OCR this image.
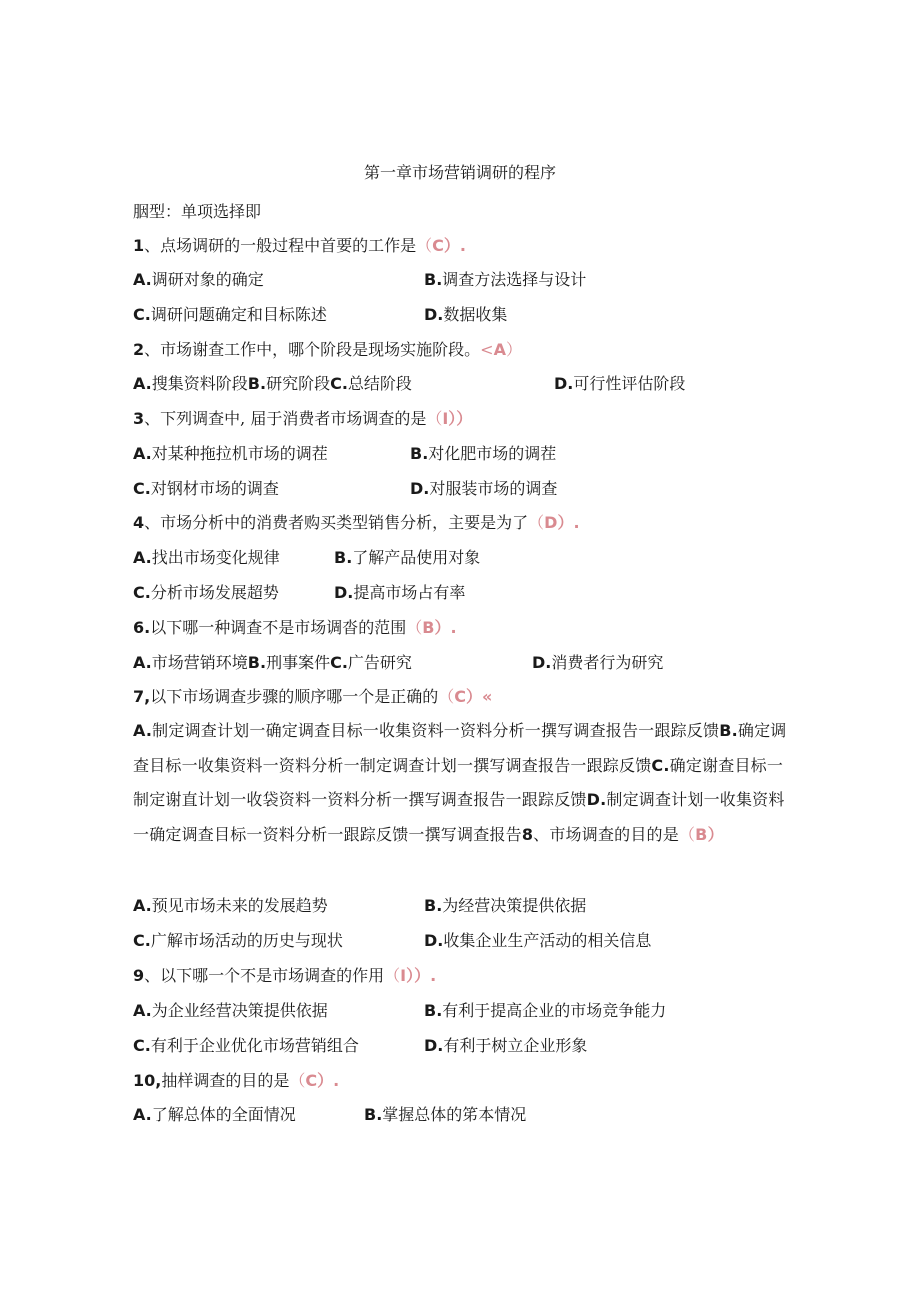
第一章市场营销调研的程序
胭型：单项选择即
1、点场调研的一般过程中首要的工作是（C）.
A.调研对象的确定	B.调查方法选择与设计
C.调研问题确定和目标陈述	D.数据收集
2、市场谢查工作中，哪个阶段是现场实施阶段。<A）
A.搜集资料阶段B.研究阶段C.总结阶段	D.可行性评估阶段
3、下列调查中, 届于消费者市场调查的是（I））
A.对某种拖拉机市场的调茬	B.对化肥市场的调茬
C.对钢材市场的调查	D.对服装市场的调查
4、市场分析中的消费者购买类型销售分析，主要是为了（D）.
A.找出市场变化规律	B.了解产品使用对象
C.分析市场发展超势	D.提高市场占有率
6.以下哪一种调查不是市场调沓的范围（B）.
A.市场营销环境B.刑事案件C.广告研究	D.消费者行为研究
7,以下市场调查步骤的顺序哪一个是正确的（C）«
A.制定调查计划一确定调查目标一收集资料一资料分析一撰写调查报告一跟踪反馈B.确定调查目标一收集资料一资料分析一制定调查计划一撰写调查报告一跟踪反馈C.确定谢查目标一制定谢直计划一收袋资料一资料分析一撰写调查报告一跟踪反馈D.制定调查计划一收集资料一确定调查目标一资料分析一跟踪反馈一撰写调查报告8、市场调查的目的是（B）
A.预见市场未来的发展趋势	B.为经营决策提供依据
C.广解市场活动的历史与现状	D.收集企业生产活动的相关信息
9、以下哪一个不是市场调查的作用（I））.
A.为企业经营决策提供依据	B.有利于提高企业的市场竞争能力
C.有利于企业优化市场营销组合	D.有利于树立企业形象
10,抽样调查的目的是（C）.
A.了解总体的全面情况	B.掌握总体的笫本情况
